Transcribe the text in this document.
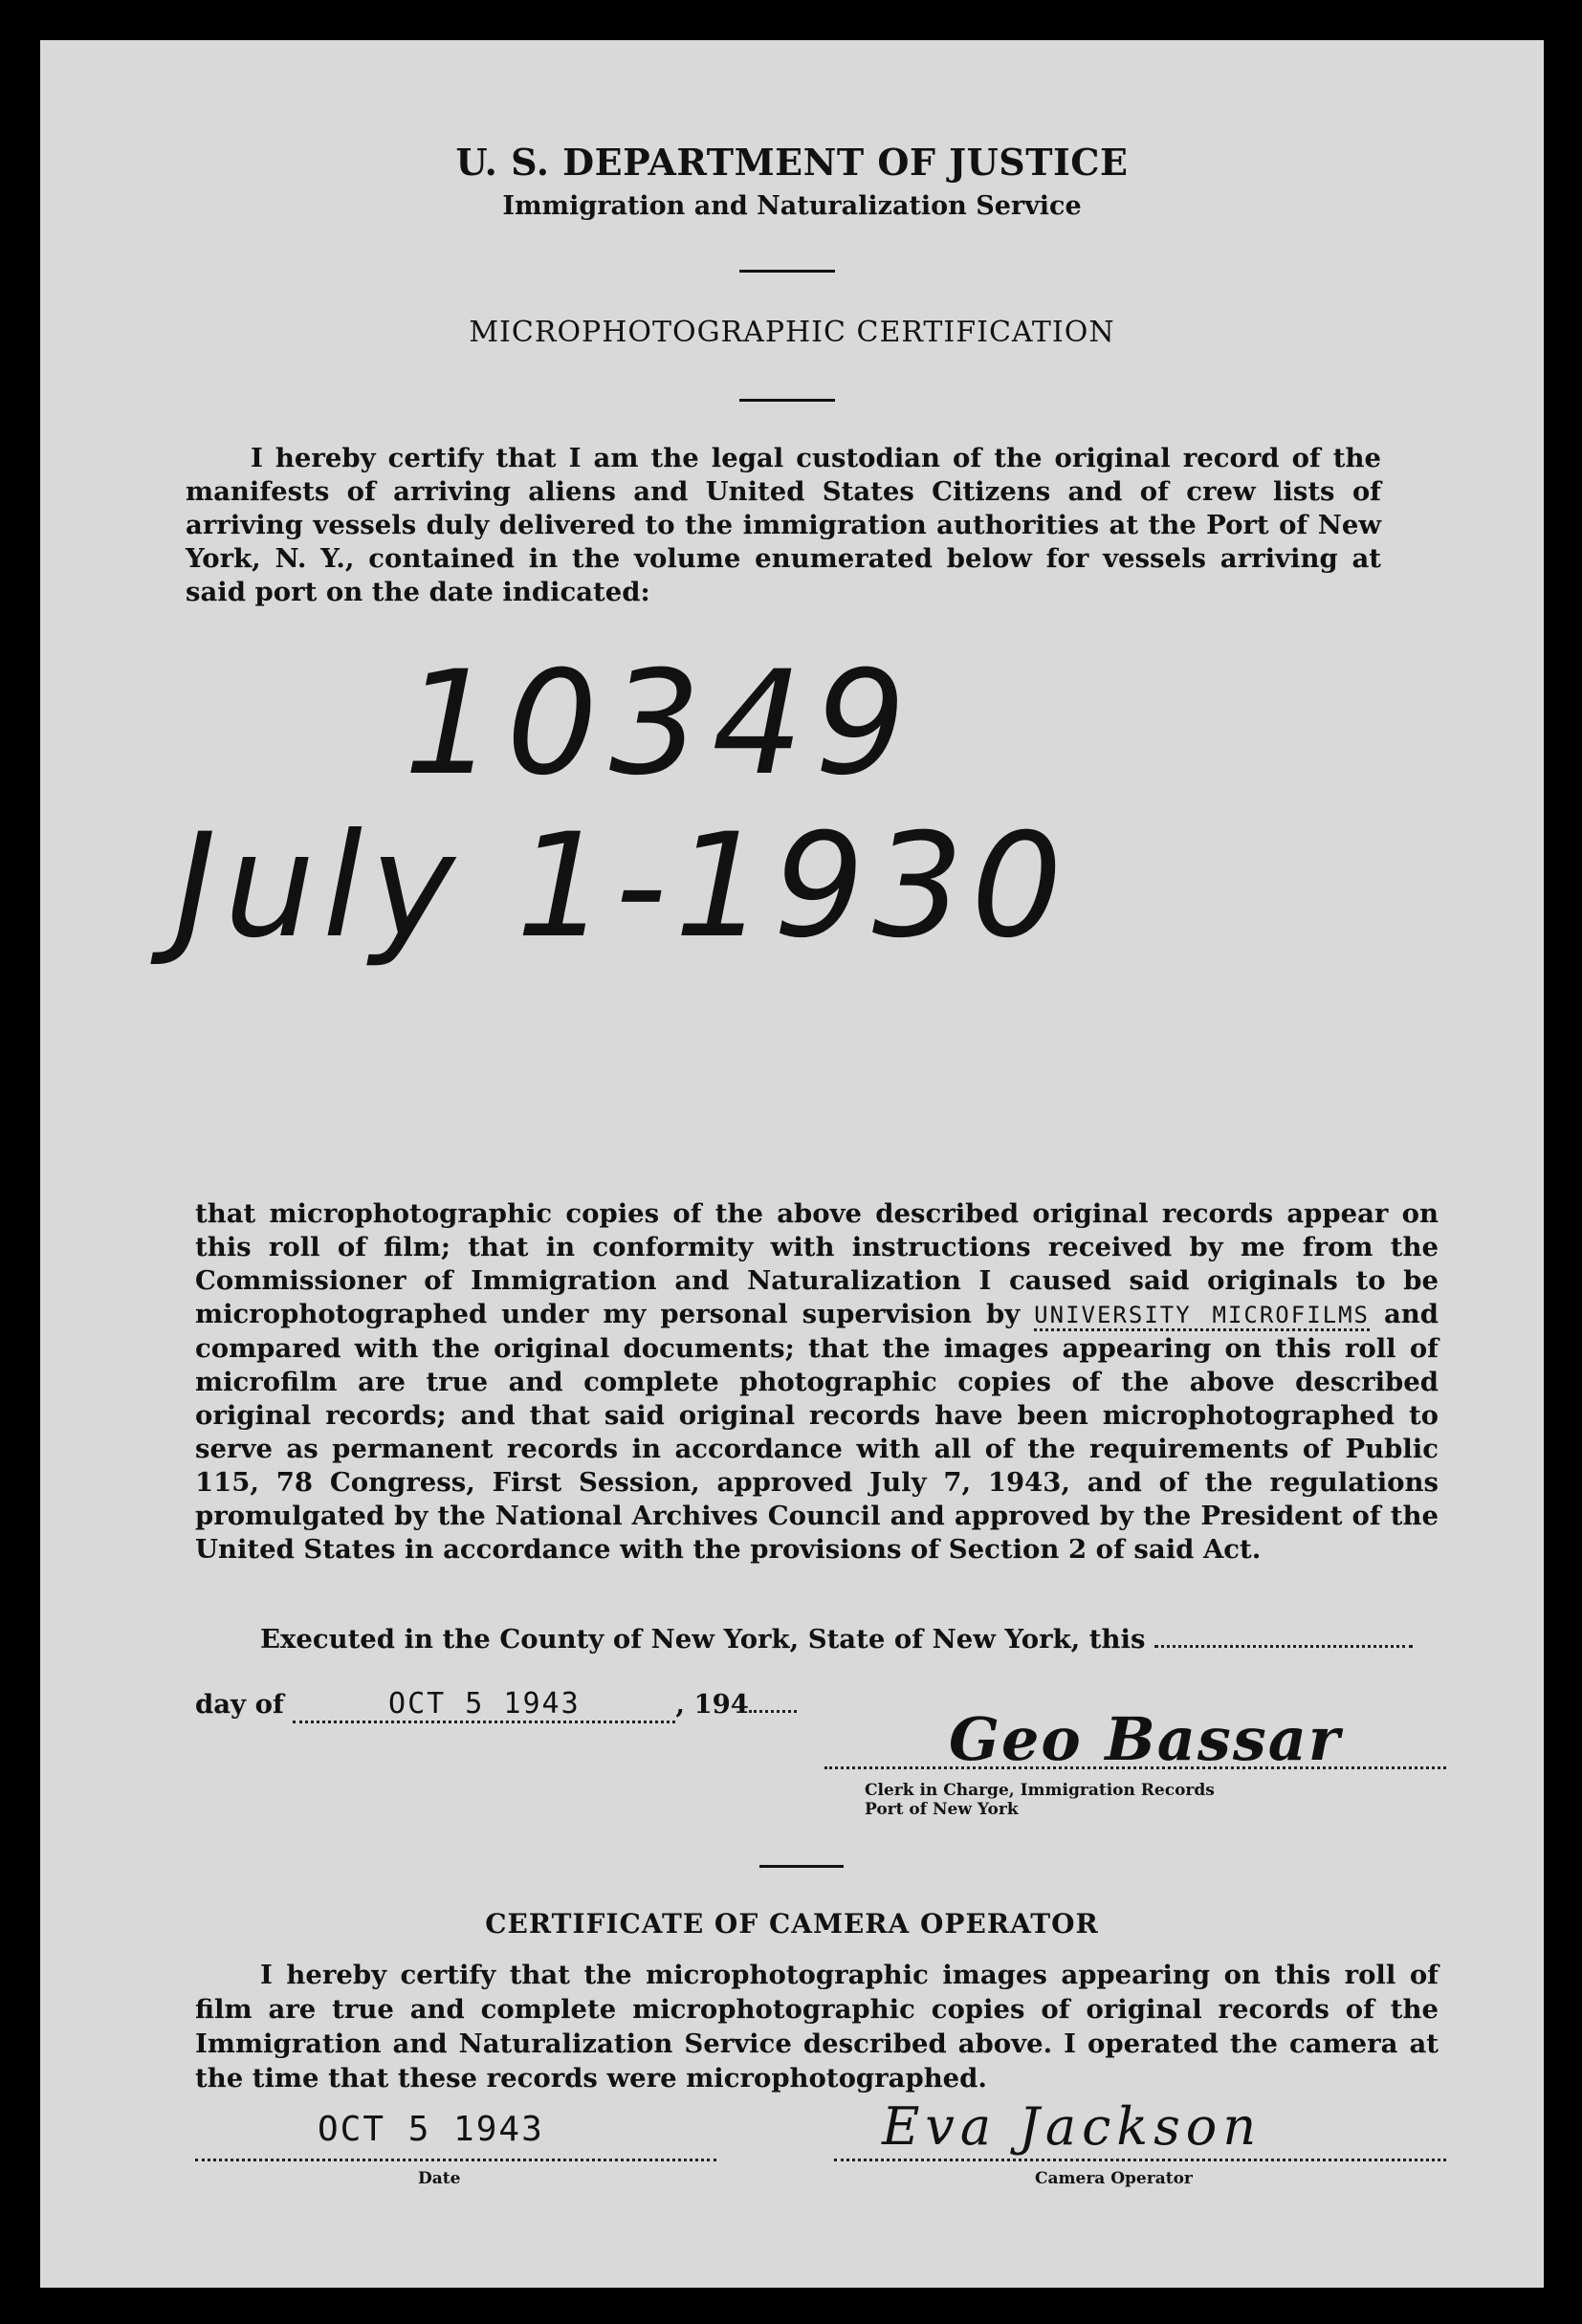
U. S. DEPARTMENT OF JUSTICE
Immigration and Naturalization Service
MICROPHOTOGRAPHIC CERTIFICATION
I hereby certify that I am the legal custodian of the original record of the manifests of arriving aliens and United States Citizens and of crew lists of arriving vessels duly delivered to the immigration authorities at the Port of New York, N. Y., contained in the volume enumerated below for vessels arriving at said port on the date indicated:
10349
July 1-1930
that microphotographic copies of the above described original records appear on this roll of film; that in conformity with instructions received by me from the Commissioner of Immigration and Naturalization I caused said originals to be microphotographed under my personal supervision by UNIVERSITY MICROFILMS and compared with the original documents; that the images appearing on this roll of microfilm are true and complete photographic copies of the above described original records; and that said original records have been microphotographed to serve as permanent records in accordance with all of the requirements of Public 115, 78 Congress, First Session, approved July 7, 1943, and of the regulations promulgated by the National Archives Council and approved by the President of the United States in accordance with the provisions of Section 2 of said Act.
Executed in the County of New York, State of New York, this
day of	OCT 5 1943	, 194	Geo Bassar
Clerk in Charge, Immigration Records
Port of New York
CERTIFICATE OF CAMERA OPERATOR
I hereby certify that the microphotographic images appearing on this roll of film are true and complete microphotographic copies of original records of the Immigration and Naturalization Service described above. I operated the camera at the time that these records were microphotographed.
OCT 5 1943
Date
Eva Jackson
Camera Operator
